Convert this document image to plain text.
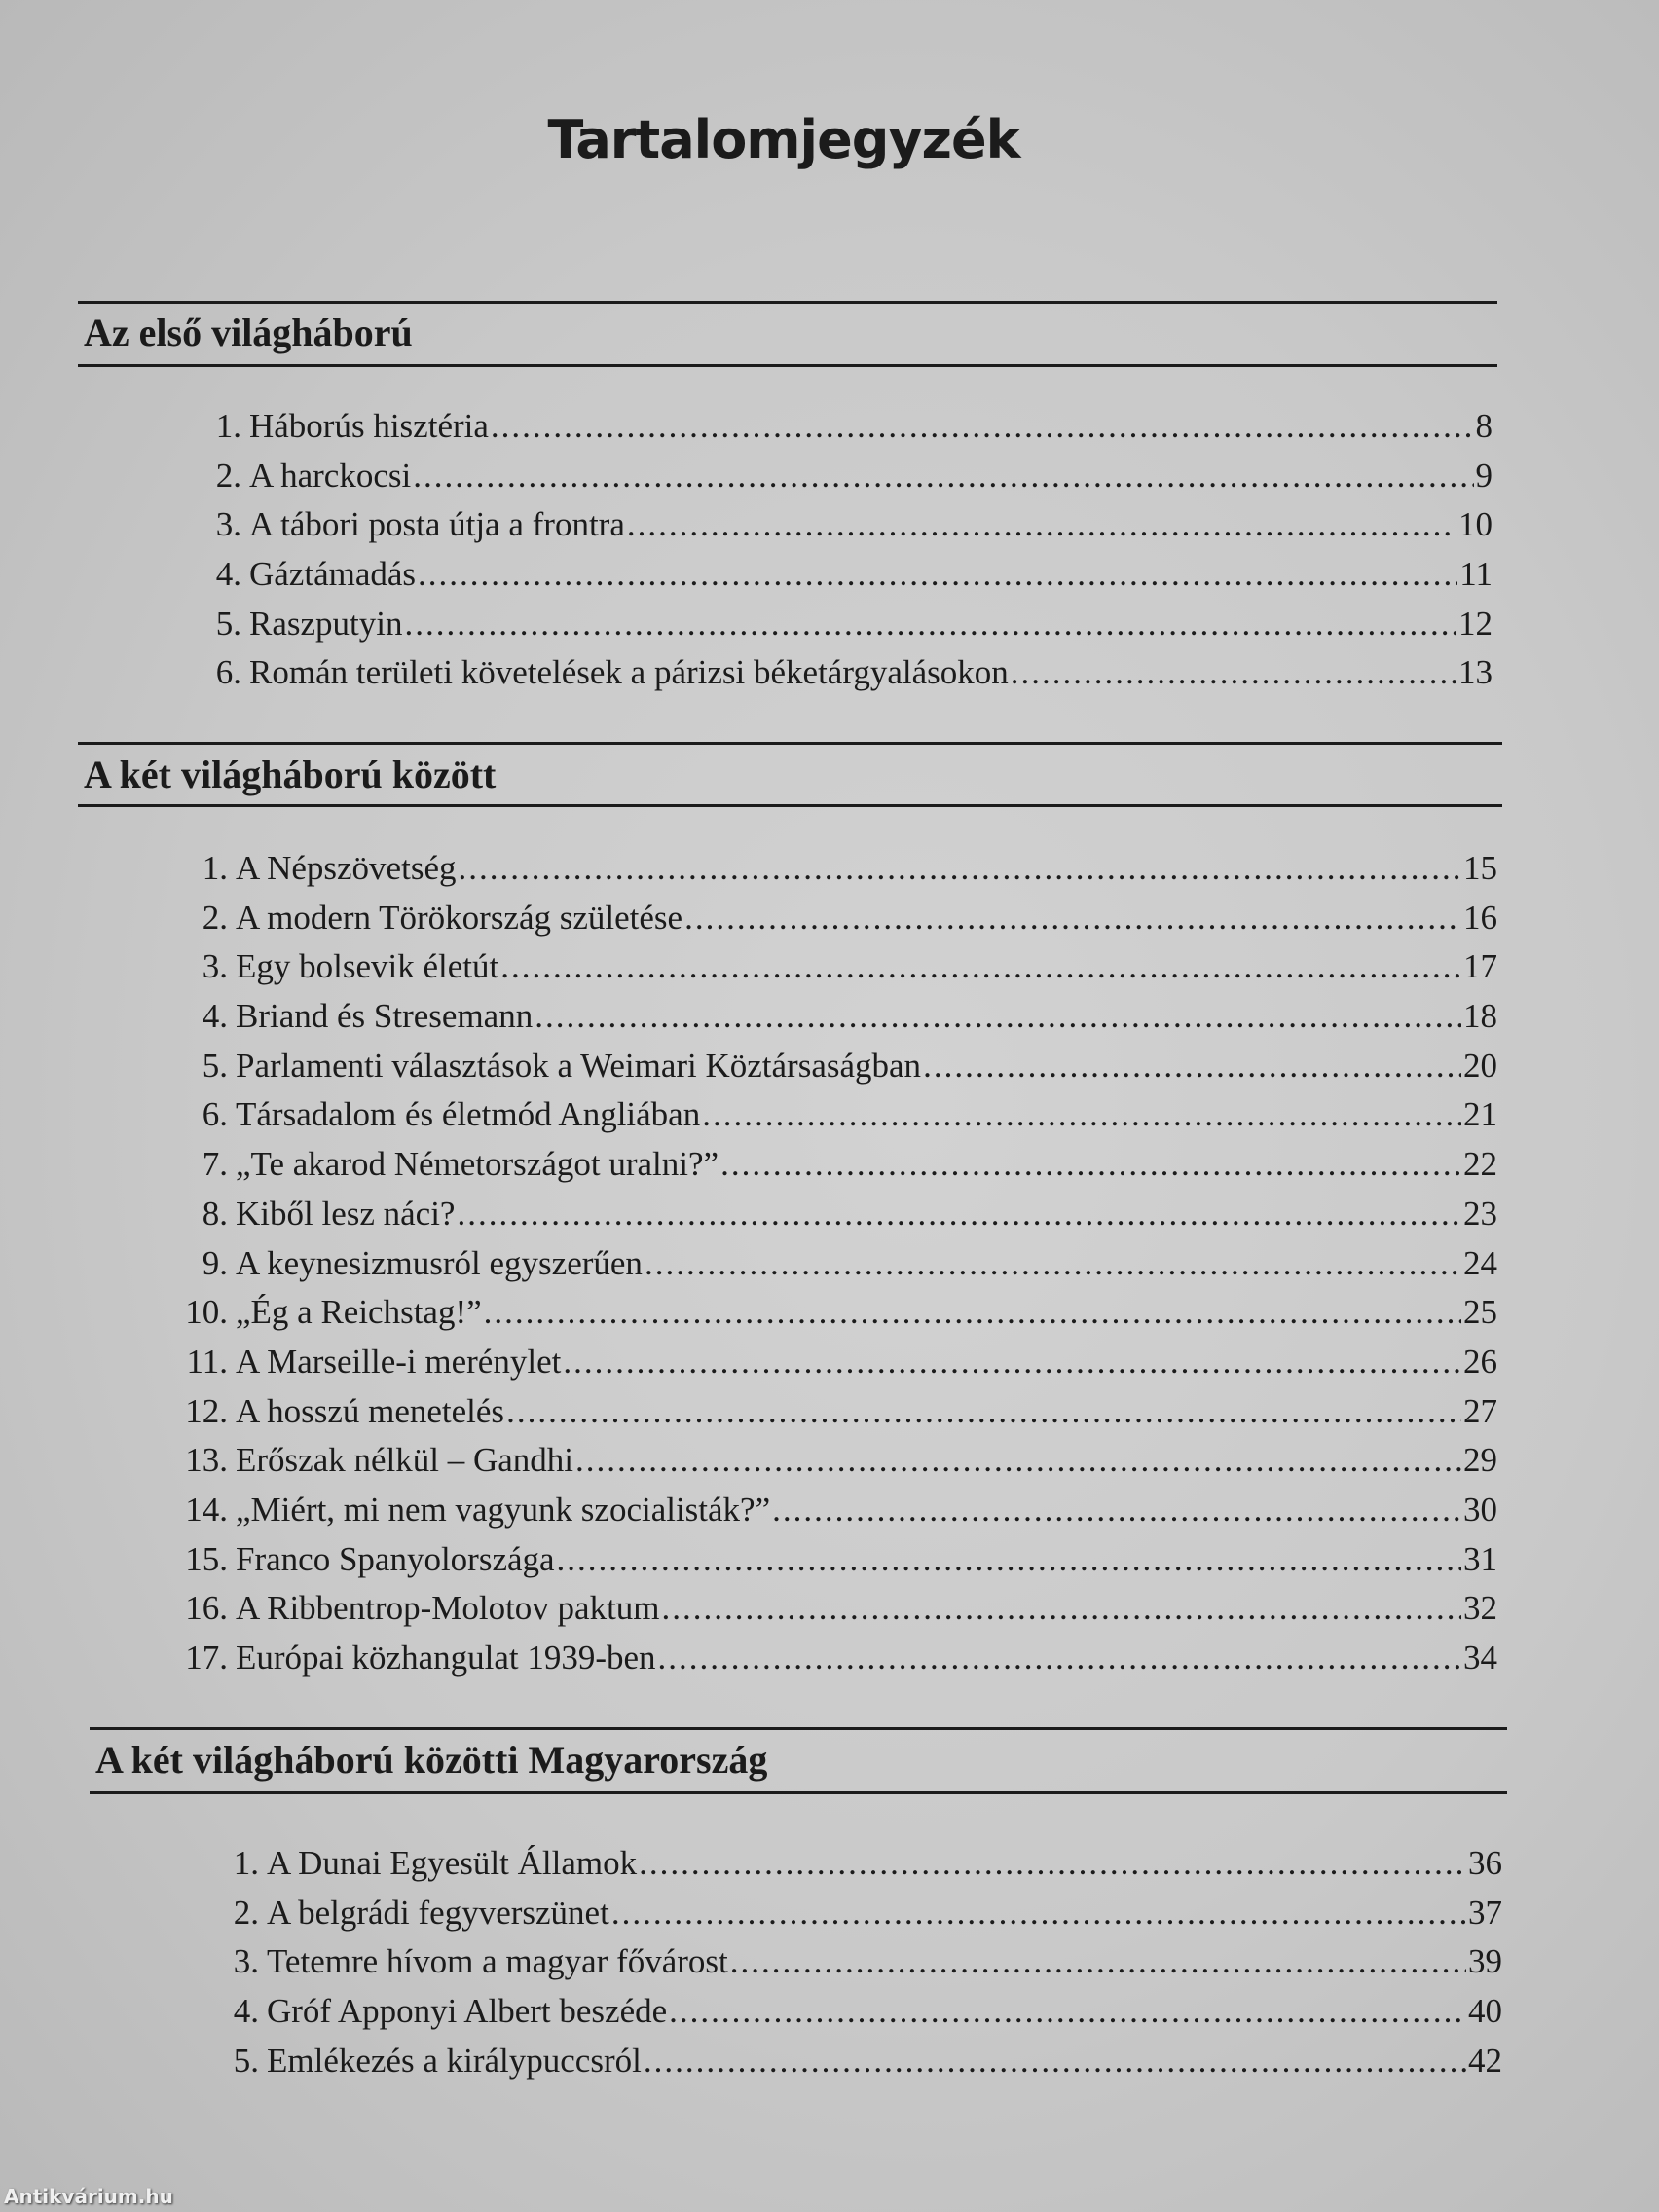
Tartalomjegyzék
Az első világháború
1. Háborús hisztéria .....	8
2. A harckocsi .....	9
3. A tábori posta útja a frontra .....	10
4. Gáztámadás .....	11
5. Raszputyin .....	12
6. Román területi követelések a párizsi béketárgyalásokon .....	13
A két világháború között
1. A Népszövetség .....	15
2. A modern Törökország születése .....	16
3. Egy bolsevik életút .....	17
4. Briand és Stresemann .....	18
5. Parlamenti választások a Weimari Köztársaságban .....	20
6. Társadalom és életmód Angliában .....	21
7. „Te akarod Németországot uralni?” .....	22
8. Kiből lesz náci? .....	23
9. A keynesizmusról egyszerűen .....	24
10. „Ég a Reichstag!” .....	25
11. A Marseille-i merénylet .....	26
12. A hosszú menetelés .....	27
13. Erőszak nélkül – Gandhi .....	29
14. „Miért, mi nem vagyunk szocialisták?” .....	30
15. Franco Spanyolországa .....	31
16. A Ribbentrop-Molotov paktum .....	32
17. Európai közhangulat 1939-ben .....	34
A két világháború közötti Magyarország
1. A Dunai Egyesült Államok .....	36
2. A belgrádi fegyverszünet .....	37
3. Tetemre hívom a magyar fővárost .....	39
4. Gróf Apponyi Albert beszéde .....	40
5. Emlékezés a királypuccsról .....	42
Antikvárium.hu
